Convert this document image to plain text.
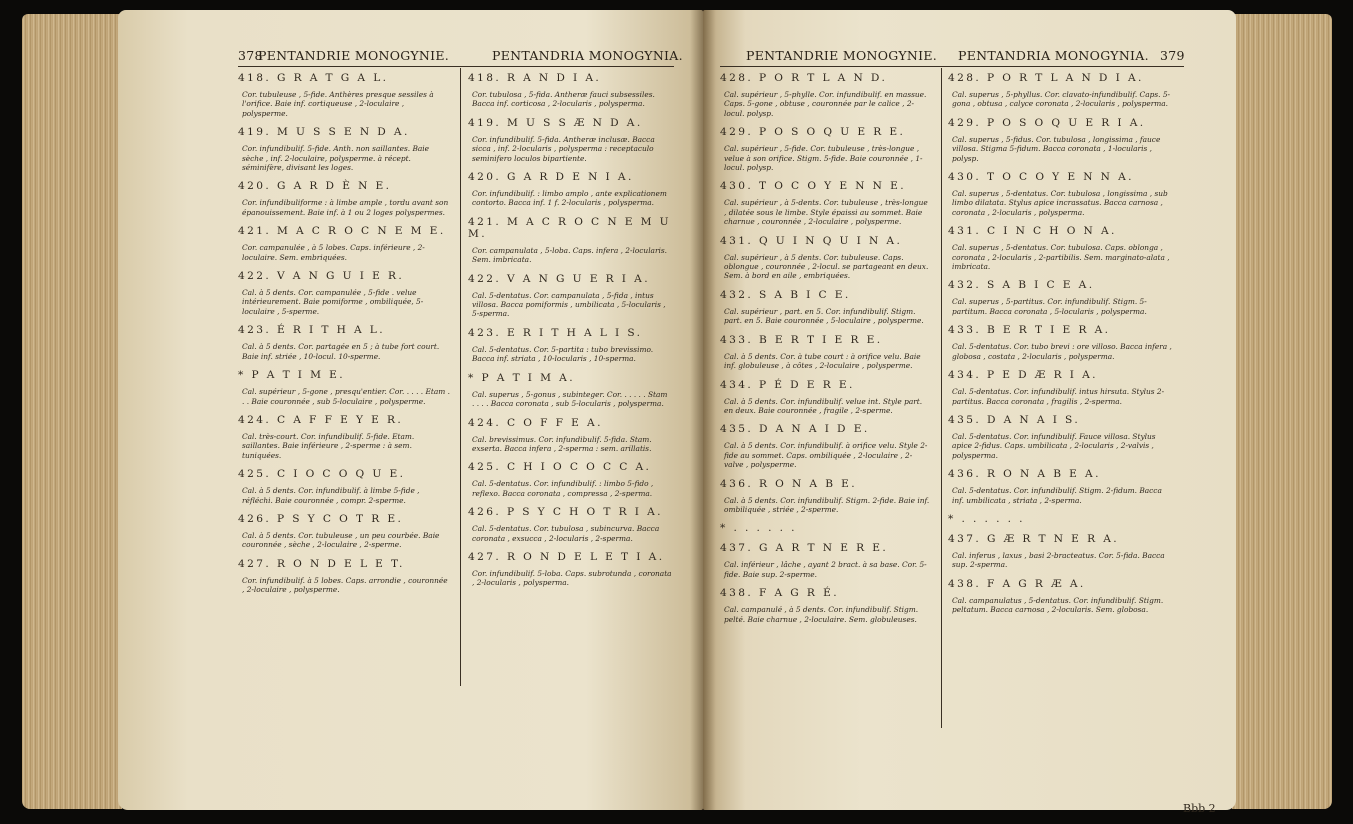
378
PENTANDRIE MONOGYNIE.	PENTANDRIA MONOGYNIA.	PENTANDRIE MONOGYNIE. PENTANDRIA MONOGYNIA. 379
418. G R A T G A L.
Cor. tubuleuse , 5-fide. Anthères presque sessiles à l'orifice. Baie inf. cortiqueuse , 2-loculaire , polysperme.
419. M U S S E N D A.
Cor. infundibulif. 5-fide. Anth. non saillantes. Baie sèche , inf. 2-loculaire, polysperme. à récept. séminifère, divisant les loges.
420. G A R D È N E.
Cor. infundibuliforme : à limbe ample , tordu avant son épanouissement. Baie inf. à 1 ou 2 loges polyspermes.
421. M A C R O C N E M E.
Cor. campanulée , à 5 lobes. Caps. inférieure , 2-loculaire. Sem. embriquées.
422. V A N G U I E R.
Cal. à 5 dents. Cor. campanulée , 5-fide . velue intérieurement. Baie pomiforme , ombiliquée, 5-loculaire , 5-sperme.
423. É R I T H A L.
Cal. à 5 dents. Cor. partagée en 5 ; à tube fort court. Baie inf. striée , 10-locul. 10-sperme.
* P A T I M E.
Cal. supérieur , 5-gone , presqu'entier. Cor. . . . . Etam . . . Baie couronnée , sub 5-loculaire , polysperme.
424. C A F F E Y E R.
Cal. très-court. Cor. infundibulif. 5-fide. Etam. saillantes. Baie inférieure , 2-sperme : à sem. tuniquées.
425. C I O C O Q U E.
Cal. à 5 dents. Cor. infundibulif. à limbe 5-fide , réfléchi. Baie couronnée , compr. 2-sperme.
426. P S Y C O T R E.
Cal. à 5 dents. Cor. tubuleuse , un peu courbée. Baie couronnée , sèche , 2-loculaire , 2-sperme.
427. R O N D E L E T.
Cor. infundibulif. à 5 lobes. Caps. arrondie , couronnée , 2-loculaire , polysperme.
418. R A N D I A.
Cor. tubulosa , 5-fida. Antheræ fauci subsessiles. Bacca inf. corticosa , 2-locularis , polysperma.
419. M U S S Æ N D A.
Cor. infundibulif. 5-fida. Antheræ inclusæ. Bacca sicca , inf. 2-locularis , polysperma : receptaculo seminifero loculos bipartiente.
420. G A R D E N I A.
Cor. infundibulif. : limbo amplo , ante explicationem contorto. Bacca inf. 1 f. 2-locularis , polysperma.
421. M A C R O C N E M U M.
Cor. campanulata , 5-loba. Caps. infera , 2-locularis. Sem. imbricata.
422. V A N G U E R I A.
Cal. 5-dentatus. Cor. campanulata , 5-fida , intus villosa. Bacca pomiformis , umbilicata , 5-locularis , 5-sperma.
423. E R I T H A L I S.
Cal. 5-dentatus. Cor. 5-partita : tubo brevissimo. Bacca inf. striata , 10-locularis , 10-sperma.
* P A T I M A.
Cal. superus , 5-gonus , subinteger. Cor. . . . . . Stam . . . . Bacca coronata , sub 5-locularis , polysperma.
424. C O F F E A.
Cal. brevissimus. Cor. infundibulif. 5-fida. Stam. exserta. Bacca infera , 2-sperma : sem. arillatis.
425. C H I O C O C C A.
Cal. 5-dentatus. Cor. infundibulif. : limbo 5-fido , reflexo. Bacca coronata , compressa , 2-sperma.
426. P S Y C H O T R I A.
Cal. 5-dentatus. Cor. tubulosa , subincurva. Bacca coronata , exsucca , 2-locularis , 2-sperma.
427. R O N D E L E T I A.
Cor. infundibulif. 5-loba. Caps. subrotunda , coronata , 2-locularis , polysperma.
428. P O R T L A N D.
Cal. supérieur , 5-phylle. Cor. infundibulif. en massue. Caps. 5-gone , obtuse , couronnée par le calice , 2-locul. polysp.
429. P O S O Q U E R E.
Cal. supérieur , 5-fide. Cor. tubuleuse , très-longue , velue à son orifice. Stigm. 5-fide. Baie couronnée , 1-locul. polysp.
430. T O C O Y E N N E.
Cal. supérieur , à 5-dents. Cor. tubuleuse , très-longue , dilatée sous le limbe. Style épaissi au sommet. Baie charnue , couronnée , 2-loculaire , polysperme.
431. Q U I N Q U I N A.
Cal. supérieur , à 5 dents. Cor. tubuleuse. Caps. oblongue , couronnée , 2-locul. se partageant en deux. Sem. à bord en aile , embriquées.
432. S A B I C E.
Cal. supérieur , part. en 5. Cor. infundibulif. Stigm. part. en 5. Baie couronnée , 5-loculaire , polysperme.
433. B E R T I E R E.
Cal. à 5 dents. Cor. à tube court : à orifice velu. Baie inf. globuleuse , à côtes , 2-loculaire , polysperme.
434. P É D E R E.
Cal. à 5 dents. Cor. infundibulif. velue int. Style part. en deux. Baie couronnée , fragile , 2-sperme.
435. D A N A I D E.
Cal. à 5 dents. Cor. infundibulif. à orifice velu. Style 2-fide au sommet. Caps. ombiliquée , 2-loculaire , 2-valve , polysperme.
436. R O N A B E.
Cal. à 5 dents. Cor. infundibulif. Stigm. 2-fide. Baie inf. ombiliquée , striée , 2-sperme.
* . . . . . .
437. G A R T N E R E.
Cal. inférieur , lâche , ayant 2 bract. à sa base. Cor. 5-fide. Baie sup. 2-sperme.
438. F A G R É.
Cal. campanulé , à 5 dents. Cor. infundibulif. Stigm. pelté. Baie charnue , 2-loculaire. Sem. globuleuses.
428. P O R T L A N D I A.
Cal. superus , 5-phyllus. Cor. clavato-infundibulif. Caps. 5-gona , obtusa , calyce coronata , 2-locularis , polysperma.
429. P O S O Q U E R I A.
Cal. superus , 5-fidus. Cor. tubulosa , longissima , fauce villosa. Stigma 5-fidum. Bacca coronata , 1-locularis , polysp.
430. T O C O Y E N N A.
Cal. superus , 5-dentatus. Cor. tubulosa , longissima , sub limbo dilatata. Stylus apice incrassatus. Bacca carnosa , coronata , 2-locularis , polysperma.
431. C I N C H O N A.
Cal. superus , 5-dentatus. Cor. tubulosa. Caps. oblonga , coronata , 2-locularis , 2-partibilis. Sem. marginato-alata , imbricata.
432. S A B I C E A.
Cal. superus , 5-partitus. Cor. infundibulif. Stigm. 5-partitum. Bacca coronata , 5-locularis , polysperma.
433. B E R T I E R A.
Cal. 5-dentatus. Cor. tubo brevi : ore villoso. Bacca infera , globosa , costata , 2-locularis , polysperma.
434. P E D Æ R I A.
Cal. 5-dentatus. Cor. infundibulif. intus hirsuta. Stylus 2-partitus. Bacca coronata , fragilis , 2-sperma.
435. D A N A I S.
Cal. 5-dentatus. Cor. infundibulif. Fauce villosa. Stylus apice 2-fidus. Caps. umbilicata , 2-locularis , 2-valvis , polysperma.
436. R O N A B E A.
Cal. 5-dentatus. Cor. infundibulif. Stigm. 2-fidum. Bacca inf. umbilicata , striata , 2-sperma.
* . . . . . .
437. G Æ R T N E R A.
Cal. inferus , laxus , basi 2-bracteatus. Cor. 5-fida. Bacca sup. 2-sperma.
438. F A G R Æ A.
Cal. campanulatus , 5-dentatus. Cor. infundibulif. Stigm. peltatum. Bacca carnosa , 2-locularis. Sem. globosa.
Bbb 2
